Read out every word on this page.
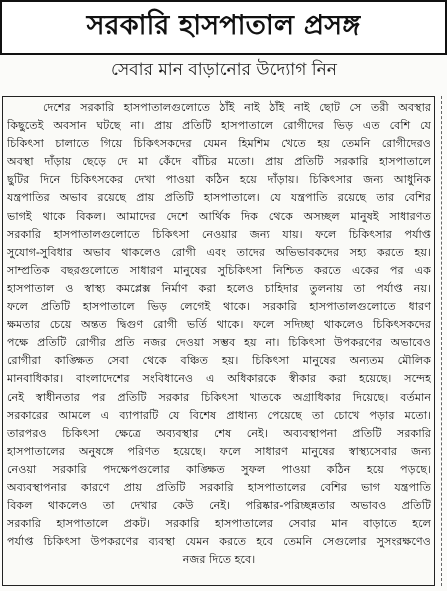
সরকারি হাসপাতাল প্রসঙ্গ
সেবার মান বাড়ানোর উদ্যোগ নিন
দেশের সরকারি হাসপাতালগুলোতে ঠাঁই নাই ঠাঁই নাই ছোট সে তরী অবস্থার
কিছুতেই অবসান ঘটছে না। প্রায় প্রতিটি হাসপাতালে রোগীদের ভিড় এত বেশি যে
চিকিৎসা চালাতে গিয়ে চিকিৎসকদের যেমন হিমশিম খেতে হয় তেমনি রোগীদেরও
অবস্থা দাঁড়ায় ছেড়ে দে মা কেঁদে বাঁচির মতো। প্রায় প্রতিটি সরকারি হাসপাতালে
ছুটির দিনে চিকিৎসকের দেখা পাওয়া কঠিন হয়ে দাঁড়ায়। চিকিৎসার জন্য আধুনিক
যন্ত্রপাতির অভাব রয়েছে প্রায় প্রতিটি হাসপাতালে। যে যন্ত্রপাতি রয়েছে তার বেশির
ভাগই থাকে বিকল। আমাদের দেশে আর্থিক দিক থেকে অসচ্ছল মানুষই সাধারণত
সরকারি হাসপাতালগুলোতে চিকিৎসা নেওয়ার জন্য যায়। ফলে চিকিৎসার পর্যাপ্ত
সুযোগ-সুবিধার অভাব থাকলেও রোগী এবং তাদের অভিভাবকদের সহ্য করতে হয়।
সাম্প্রতিক বছরগুলোতে সাধারণ মানুষের সুচিকিৎসা নিশ্চিত করতে একের পর এক
হাসপাতাল ও স্বাস্থ্য কমপ্লেক্স নির্মাণ করা হলেও চাহিদার তুলনায় তা পর্যাপ্ত নয়।
ফলে প্রতিটি হাসপাতালে ভিড় লেগেই থাকে। সরকারি হাসপাতালগুলোতে ধারণ
ক্ষমতার চেয়ে অন্তত দ্বিগুণ রোগী ভর্তি থাকে। ফলে সদিচ্ছা থাকলেও চিকিৎসকদের
পক্ষে প্রতিটি রোগীর প্রতি নজর দেওয়া সম্ভব হয় না। চিকিৎসা উপকরণের অভাবেও
রোগীরা কাঙ্ক্ষিত সেবা থেকে বঞ্চিত হয়। চিকিৎসা মানুষের অন্যতম মৌলিক
মানবাধিকার। বাংলাদেশের সংবিধানেও এ অধিকারকে স্বীকার করা হয়েছে। সন্দেহ
নেই স্বাধীনতার পর প্রতিটি সরকার চিকিৎসা খাতকে অগ্রাধিকার দিয়েছে। বর্তমান
সরকারের আমলে এ ব্যাপারটি যে বিশেষ প্রাধান্য পেয়েছে তা চোখে পড়ার মতো।
তারপরও চিকিৎসা ক্ষেত্রে অব্যবস্থার শেষ নেই। অব্যবস্থাপনা প্রতিটি সরকারি
হাসপাতালের অনুষঙ্গে পরিণত হয়েছে। ফলে সাধারণ মানুষের স্বাস্থ্যসেবার জন্য
নেওয়া সরকারি পদক্ষেপগুলোর কাঙ্ক্ষিত সুফল পাওয়া কঠিন হয়ে পড়ছে।
অব্যবস্থাপনার কারণে প্রায় প্রতিটি সরকারি হাসপাতালের বেশির ভাগ যন্ত্রপাতি
বিকল থাকলেও তা দেখার কেউ নেই। পরিষ্কার-পরিচ্ছন্নতার অভাবও প্রতিটি
সরকারি হাসপাতালে প্রকট। সরকারি হাসপাতালের সেবার মান বাড়াতে হলে
পর্যাপ্ত চিকিৎসা উপকরণের ব্যবস্থা যেমন করতে হবে তেমনি সেগুলোর সুসংরক্ষণেও
নজর দিতে হবে।
